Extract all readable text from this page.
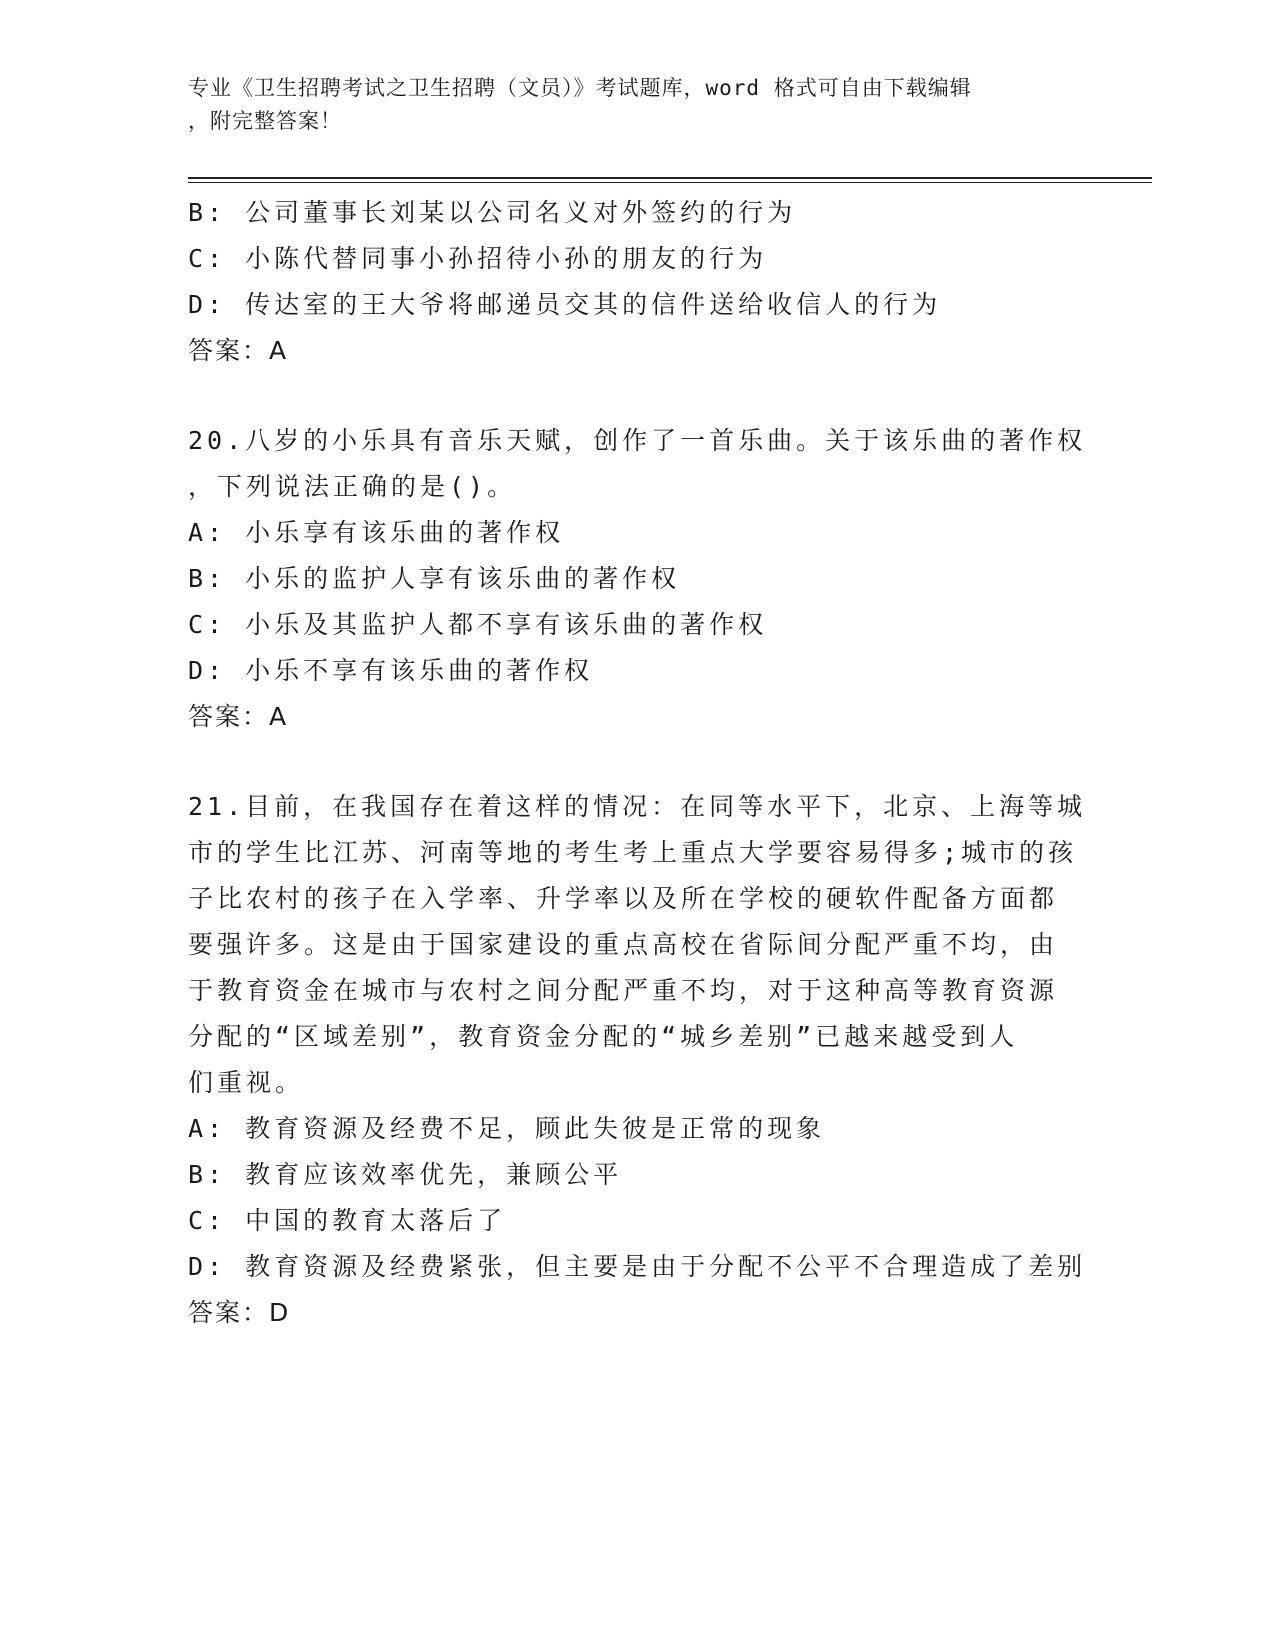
专业《卫生招聘考试之卫生招聘（文员）》考试题库，word 格式可自由下载编辑
，附完整答案！
B: 公司董事长刘某以公司名义对外签约的行为
C: 小陈代替同事小孙招待小孙的朋友的行为
D: 传达室的王大爷将邮递员交其的信件送给收信人的行为
答案：A
20.八岁的小乐具有音乐天赋，创作了一首乐曲。关于该乐曲的著作权
，下列说法正确的是()。
A: 小乐享有该乐曲的著作权
B: 小乐的监护人享有该乐曲的著作权
C: 小乐及其监护人都不享有该乐曲的著作权
D: 小乐不享有该乐曲的著作权
答案：A
21.目前，在我国存在着这样的情况：在同等水平下，北京、上海等城
市的学生比江苏、河南等地的考生考上重点大学要容易得多;城市的孩
子比农村的孩子在入学率、升学率以及所在学校的硬软件配备方面都
要强许多。这是由于国家建设的重点高校在省际间分配严重不均，由
于教育资金在城市与农村之间分配严重不均，对于这种高等教育资源
分配的“区域差别”，教育资金分配的“城乡差别”已越来越受到人
们重视。
A: 教育资源及经费不足，顾此失彼是正常的现象
B: 教育应该效率优先，兼顾公平
C: 中国的教育太落后了
D: 教育资源及经费紧张，但主要是由于分配不公平不合理造成了差别
答案：D
